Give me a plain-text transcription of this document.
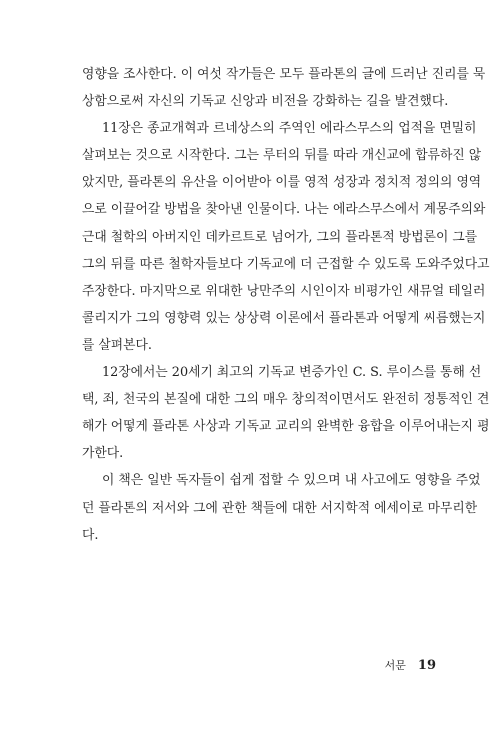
영향을 조사한다. 이 여섯 작가들은 모두 플라톤의 글에 드러난 진리를 묵
상함으로써 자신의 기독교 신앙과 비전을 강화하는 길을 발견했다.
11장은 종교개혁과 르네상스의 주역인 에라스무스의 업적을 면밀히
살펴보는 것으로 시작한다. 그는 루터의 뒤를 따라 개신교에 합류하진 않
았지만, 플라톤의 유산을 이어받아 이를 영적 성장과 정치적 정의의 영역
으로 이끌어갈 방법을 찾아낸 인물이다. 나는 에라스무스에서 계몽주의와
근대 철학의 아버지인 데카르트로 넘어가, 그의 플라톤적 방법론이 그를
그의 뒤를 따른 철학자들보다 기독교에 더 근접할 수 있도록 도와주었다고
주장한다. 마지막으로 위대한 낭만주의 시인이자 비평가인 새뮤얼 테일러
콜리지가 그의 영향력 있는 상상력 이론에서 플라톤과 어떻게 씨름했는지
를 살펴본다.
12장에서는 20세기 최고의 기독교 변증가인 C. S. 루이스를 통해 선
택, 죄, 천국의 본질에 대한 그의 매우 창의적이면서도 완전히 정통적인 견
해가 어떻게 플라톤 사상과 기독교 교리의 완벽한 융합을 이루어내는지 평
가한다.
이 책은 일반 독자들이 쉽게 접할 수 있으며 내 사고에도 영향을 주었
던 플라톤의 저서와 그에 관한 책들에 대한 서지학적 에세이로 마무리한
다.
서문 19
